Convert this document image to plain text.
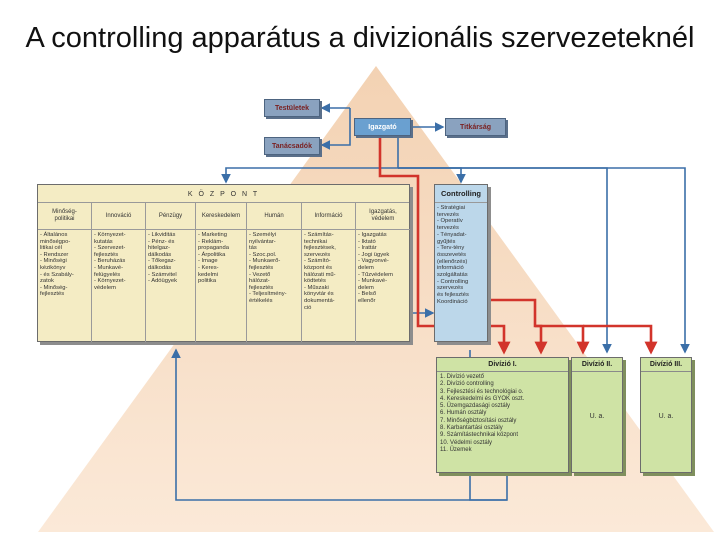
A controlling apparátus a divizionális szervezeteknél
Testületek
Igazgató	Titkárság
Tanácsadók
K Ö Z P O N T
Minőség-
politikai
- Általános
minőségpo-
litikai cél
- Rendszer
- Minőségi
kézikönyv
- és Szabály-
zatok
- Minőség-
fejlesztés
Innováció
- Környezet-
kutatás
- Szervezet-
fejlesztés
- Beruházás
- Munkavé-
felügyelés
- Környezet-
védelem
Pénzügy
- Likviditás
- Pénz- és
hitelgaz-
dálkodás
- Tőkegaz-
dálkodás
- Számvitel
- Adóügyek
Kereskedelem
- Marketing
- Reklám-
propaganda
- Árpolitika
- Image
- Keres-
kedelmi
politika
Humán
- Személyi
nyilvántar-
tás
- Szoc.pol.
- Munkaerő-
fejlesztés
- Vezető
hálózat-
fejlesztés
- Teljesítmény-
értékelés
Információ
- Számítás-
technikai
fejlesztések,
szervezés
- Számító-
központ és
hálózati mű-
ködtetés
- Műszaki
könyvtár és
dokumentá-
ció
Igazgatás,
védelem
- Igazgatás
- Iktató
- Irattár
- Jogi ügyek
- Vagyonvé-
delem
- Tűzvédelem
- Munkavé-
delem
- Belső
ellenőr
Controlling
- Stratégiai
tervezés
- Operatív
tervezés
- Tényadat-
gyűjtés
- Terv-tény
összevetés
(ellenőrzés)
információ
szolgáltatás
- Controlling
szervezés
és fejlesztés
Koordináció
Divízió I.
1. Divízió vezető
2. Divízió controlling
3. Fejlesztési és technológiai o.
4. Kereskedelmi és GYOK oszt.
5. Üzemgazdasági osztály
6. Humán osztály
7. Minőségbiztosítási osztály
8. Karbantartási osztály
9. Számítástechnikai központ
10. Védelmi osztály
11. Üzemek
Divízió II.
U. a.
Divízió III.
U. a.
